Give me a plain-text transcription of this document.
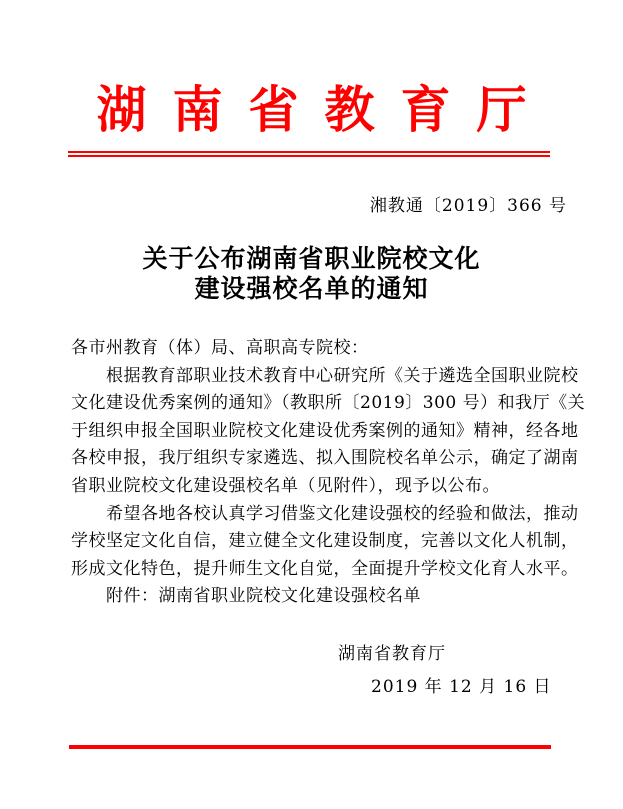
湖南省教育厅
湘教通〔2019〕366 号
关于公布湖南省职业院校文化
建设强校名单的通知
各市州教育（体）局、高职高专院校：
　　根据教育部职业技术教育中心研究所《关于遴选全国职业院校
文化建设优秀案例的通知》（教职所〔2019〕300 号）和我厅《关
于组织申报全国职业院校文化建设优秀案例的通知》精神，经各地
各校申报，我厅组织专家遴选、拟入围院校名单公示，确定了湖南
省职业院校文化建设强校名单（见附件），现予以公布。
　　希望各地各校认真学习借鉴文化建设强校的经验和做法，推动
学校坚定文化自信，建立健全文化建设制度，完善以文化人机制，
形成文化特色，提升师生文化自觉，全面提升学校文化育人水平。
　　附件：湖南省职业院校文化建设强校名单
湖南省教育厅
2019 年 12 月 16 日
